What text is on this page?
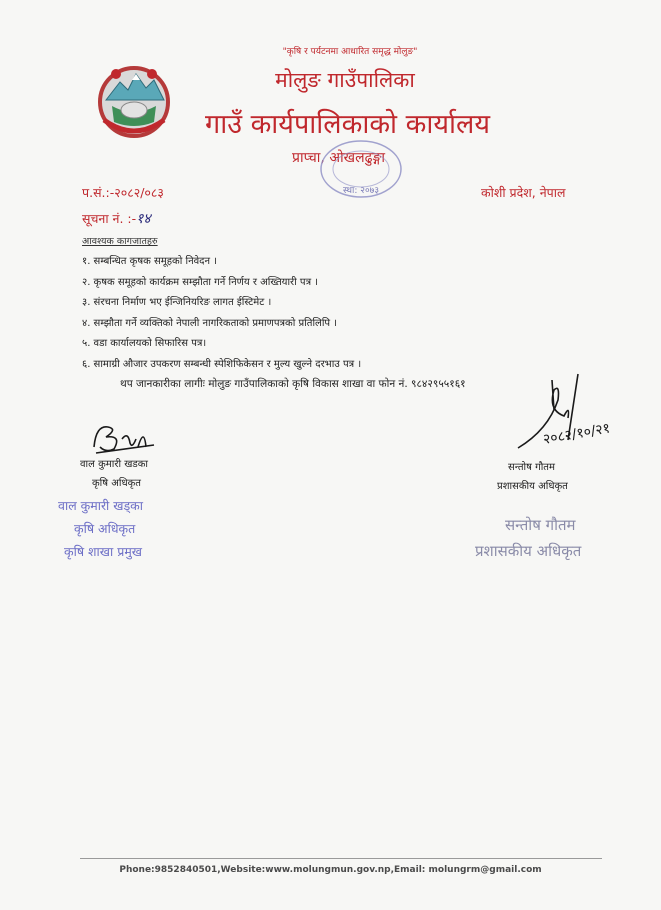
"कृषि र पर्यटनमा आधारित समृद्ध मोलुङ"
मोलुङ गाउँपालिका
गाउँ कार्यपालिकाको कार्यालय
प्राप्चा, ओखलढुङ्गा
स्था: २०७३
प.सं.:-२०८२/०८३	कोशी प्रदेश, नेपाल
सूचना नं. :-१४
आवश्यक कागजातहरु
१. सम्बन्धित कृषक समूहको निवेदन ।
२. कृषक समूहको कार्यक्रम सम्झौता गर्ने निर्णय र अख्तियारी पत्र ।
३. संरचना निर्माण भए ईन्जिनियरिङ लागत ईस्टिमेट ।
४. सम्झौता गर्ने व्यक्तिको नेपाली नागरिकताको प्रमाणपत्रको प्रतिलिपि ।
५. वडा कार्यालयको सिफारिस पत्र।
६. सामाग्री औजार उपकरण सम्बन्धी स्पेशिफिकेसन र मुल्य खुल्ने दरभाउ पत्र ।
थप जानकारीका लागीः मोलुङ गाउँपालिकाको कृषि विकास शाखा वा फोन नं. ९८४२९५५१६१
२०८२/१०/२१
वाल कुमारी खडका
कृषि अधिकृत
सन्तोष गौतम
प्रशासकीय अधिकृत
वाल कुमारी खड्का
कृषि अधिकृत
कृषि शाखा प्रमुख
सन्तोष गौतम
प्रशासकीय अधिकृत
Phone:9852840501,Website:www.molungmun.gov.np,Email: molungrm@gmail.com
